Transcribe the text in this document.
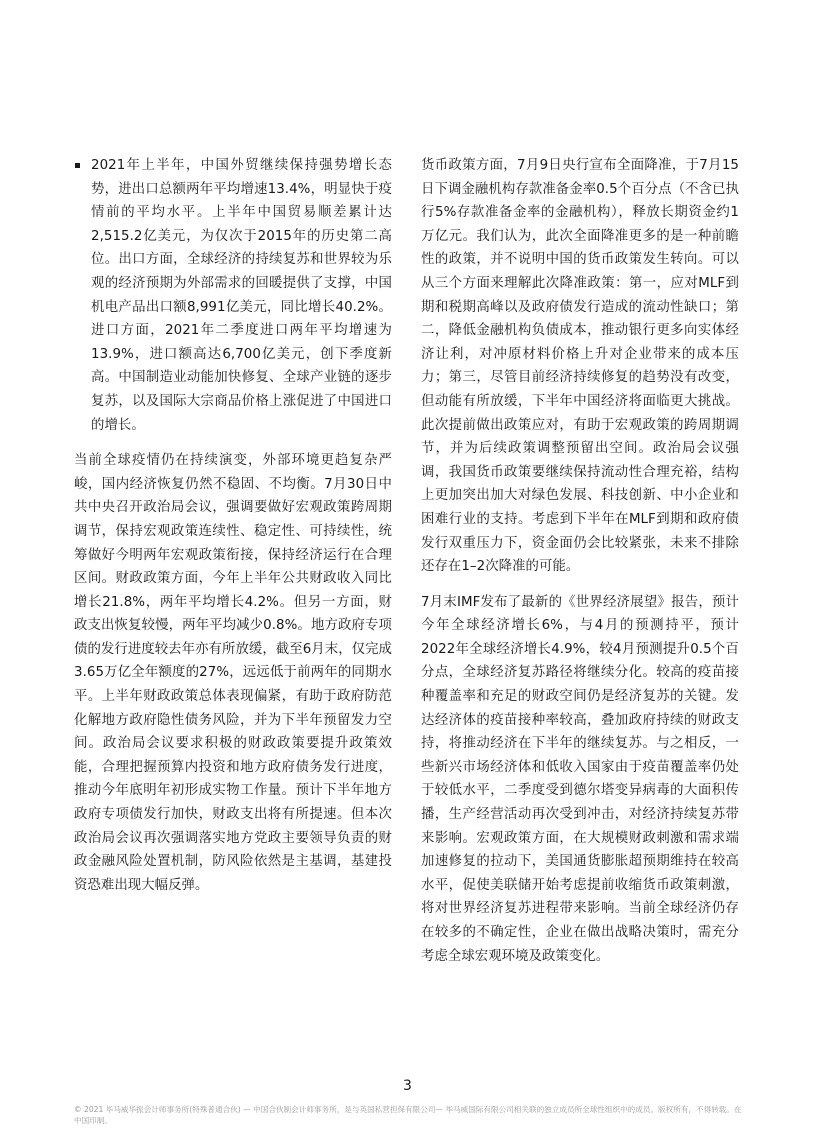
2021年上半年，中国外贸继续保持强势增长态势，进出口总额两年平均增速13.4%，明显快于疫情前的平均水平。上半年中国贸易顺差累计达2,515.2亿美元，为仅次于2015年的历史第二高位。出口方面，全球经济的持续复苏和世界较为乐观的经济预期为外部需求的回暖提供了支撑，中国机电产品出口额8,991亿美元，同比增长40.2%。进口方面，2021年二季度进口两年平均增速为13.9%，进口额高达6,700亿美元，创下季度新高。中国制造业动能加快修复、全球产业链的逐步复苏，以及国际大宗商品价格上涨促进了中国进口的增长。

当前全球疫情仍在持续演变，外部环境更趋复杂严峻，国内经济恢复仍然不稳固、不均衡。7月30日中共中央召开政治局会议，强调要做好宏观政策跨周期调节，保持宏观政策连续性、稳定性、可持续性，统筹做好今明两年宏观政策衔接，保持经济运行在合理区间。财政政策方面，今年上半年公共财政收入同比增长21.8%，两年平均增长4.2%。但另一方面，财政支出恢复较慢，两年平均减少0.8%。地方政府专项债的发行进度较去年亦有所放缓，截至6月末，仅完成3.65万亿全年额度的27%，远远低于前两年的同期水平。上半年财政政策总体表现偏紧，有助于政府防范化解地方政府隐性债务风险，并为下半年预留发力空间。政治局会议要求积极的财政政策要提升政策效能，合理把握预算内投资和地方政府债务发行进度，推动今年底明年初形成实物工作量。预计下半年地方政府专项债发行加快，财政支出将有所提速。但本次政治局会议再次强调落实地方党政主要领导负责的财政金融风险处置机制，防风险依然是主基调，基建投资恐难出现大幅反弹。

货币政策方面，7月9日央行宣布全面降准，于7月15日下调金融机构存款准备金率0.5个百分点（不含已执行5%存款准备金率的金融机构），释放长期资金约1万亿元。我们认为，此次全面降准更多的是一种前瞻性的政策，并不说明中国的货币政策发生转向。可以从三个方面来理解此次降准政策：第一，应对MLF到期和税期高峰以及政府债发行造成的流动性缺口；第二，降低金融机构负债成本，推动银行更多向实体经济让利，对冲原材料价格上升对企业带来的成本压力；第三，尽管目前经济持续修复的趋势没有改变，但动能有所放缓，下半年中国经济将面临更大挑战。此次提前做出政策应对，有助于宏观政策的跨周期调节，并为后续政策调整预留出空间。政治局会议强调，我国货币政策要继续保持流动性合理充裕，结构上更加突出加大对绿色发展、科技创新、中小企业和困难行业的支持。考虑到下半年在MLF到期和政府债发行双重压力下，资金面仍会比较紧张，未来不排除还存在1–2次降准的可能。

7月末IMF发布了最新的《世界经济展望》报告，预计今年全球经济增长6%，与4月的预测持平，预计2022年全球经济增长4.9%，较4月预测提升0.5个百分点，全球经济复苏路径将继续分化。较高的疫苗接种覆盖率和充足的财政空间仍是经济复苏的关键。发达经济体的疫苗接种率较高，叠加政府持续的财政支持，将推动经济在下半年的继续复苏。与之相反，一些新兴市场经济体和低收入国家由于疫苗覆盖率仍处于较低水平，二季度受到德尔塔变异病毒的大面积传播，生产经营活动再次受到冲击，对经济持续复苏带来影响。宏观政策方面，在大规模财政刺激和需求端加速修复的拉动下，美国通货膨胀超预期维持在较高水平，促使美联储开始考虑提前收缩货币政策刺激，将对世界经济复苏进程带来影响。当前全球经济仍存在较多的不确定性，企业在做出战略决策时，需充分考虑全球宏观环境及政策变化。

3
© 2021 毕马威华振会计师事务所(特殊普通合伙) — 中国合伙制会计师事务所，是与英国私营担保有限公司— 毕马威国际有限公司相关联的独立成员所全球性组织中的成员。版权所有，不得转载。在中国印制。
